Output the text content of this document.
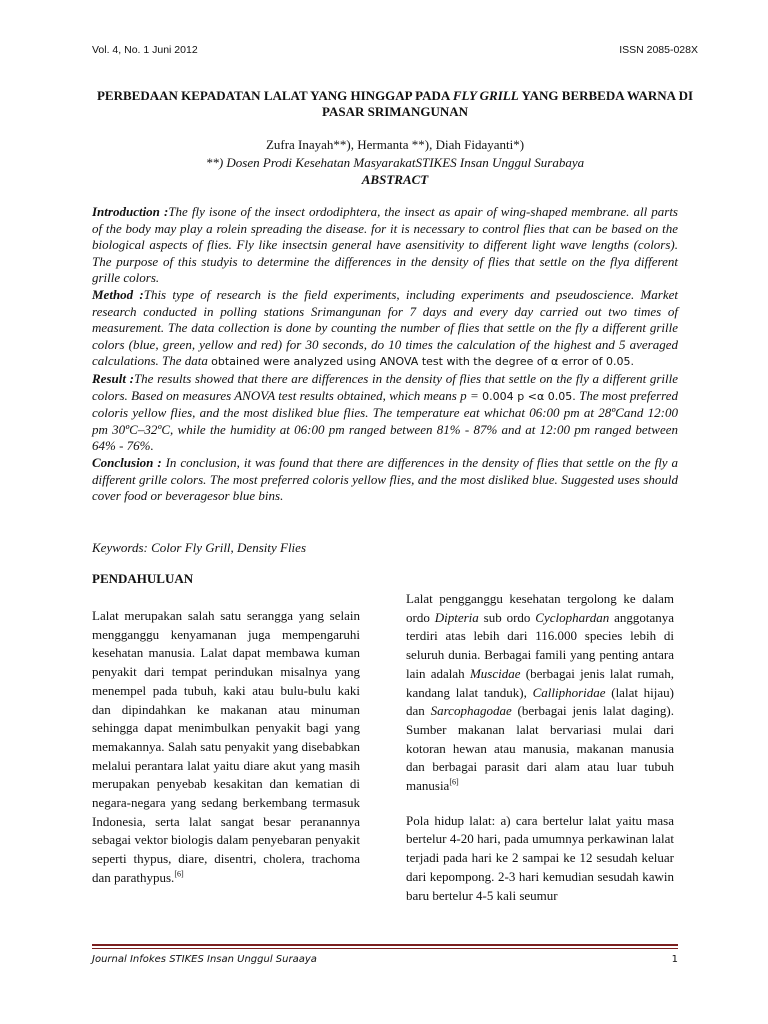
Vol. 4, No. 1 Juni 2012	ISSN 2085-028X
PERBEDAAN KEPADATAN LALAT YANG HINGGAP PADA FLY GRILL YANG BERBEDA WARNA DI PASAR SRIMANGUNAN
Zufra Inayah**), Hermanta **), Diah Fidayanti*)
**) Dosen Prodi Kesehatan MasyarakatSTIKES Insan Unggul Surabaya
ABSTRACT

Introduction :The fly isone of the insect ordodiphtera, the insect as apair of wing-shaped membrane. all parts of the body may play a rolein spreading the disease. for it is necessary to control flies that can be based on the biological aspects of flies. Fly like insectsin general have asensitivity to different light wave lengths (colors). The purpose of this studyis to determine the differences in the density of flies that settle on the flya different grille colors.

Method :This type of research is the field experiments, including experiments and pseudoscience. Market research conducted in polling stations Srimangunan for 7 days and every day carried out two times of measurement. The data collection is done by counting the number of flies that settle on the fly a different grille colors (blue, green, yellow and red) for 30 seconds, do 10 times the calculation of the highest and 5 averaged calculations. The data obtained were analyzed using ANOVA test with the degree of α error of 0.05.

Result :The results showed that there are differences in the density of flies that settle on the fly a different grille colors. Based on measures ANOVA test results obtained, which means p = 0.004 p <α 0.05. The most preferred coloris yellow flies, and the most disliked blue flies. The temperature eat whichat 06:00 pm at 28ºCand 12:00 pm 30ºC–32ºC, while the humidity at 06:00 pm ranged between 81% - 87% and at 12:00 pm ranged between 64% - 76%.

Conclusion : In conclusion, it was found that there are differences in the density of flies that settle on the fly a different grille colors. The most preferred coloris yellow flies, and the most disliked blue. Suggested uses should cover food or beveragesor blue bins.

Keywords: Color Fly Grill, Density Flies
PENDAHULUAN

Lalat merupakan salah satu serangga yang selain mengganggu kenyamanan juga mempengaruhi kesehatan manusia. Lalat dapat membawa kuman penyakit dari tempat perindukan misalnya yang menempel pada tubuh, kaki atau bulu-bulu kaki dan dipindahkan ke makanan atau minuman sehingga dapat menimbulkan penyakit bagi yang memakannya. Salah satu penyakit yang disebabkan melalui perantara lalat yaitu diare akut yang masih merupakan penyebab kesakitan dan kematian di negara-negara yang sedang berkembang termasuk Indonesia, serta lalat sangat besar peranannya sebagai vektor biologis dalam penyebaran penyakit seperti thypus, diare, disentri, cholera, trachoma dan parathypus.[6]

Lalat pengganggu kesehatan tergolong ke dalam ordo Dipteria sub ordo Cyclophardan anggotanya terdiri atas lebih dari 116.000 species lebih di seluruh dunia. Berbagai famili yang penting antara lain adalah Muscidae (berbagai jenis lalat rumah, kandang lalat tanduk), Calliphoridae (lalat hijau) dan Sarcophagodae (berbagai jenis lalat daging). Sumber makanan lalat bervariasi mulai dari kotoran hewan atau manusia, makanan manusia dan berbagai parasit dari alam atau luar tubuh manusia[6]

Pola hidup lalat: a) cara bertelur lalat yaitu masa bertelur 4-20 hari, pada umumnya perkawinan lalat terjadi pada hari ke 2 sampai ke 12 sesudah keluar dari kepompong. 2-3 hari kemudian sesudah kawin baru bertelur 4-5 kali seumur

Journal Infokes STIKES Insan Unggul Suraaya	1
